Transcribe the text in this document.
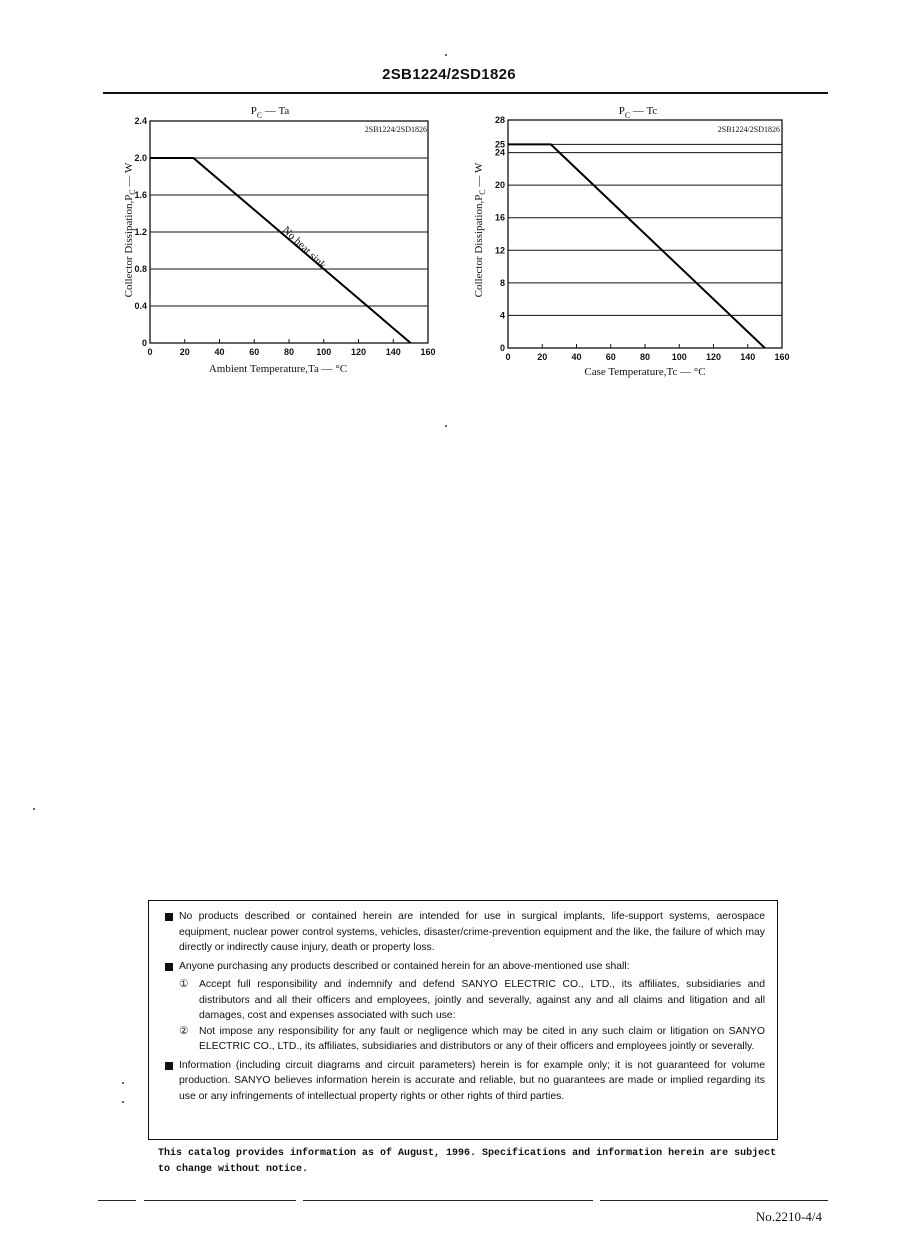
2SB1224/2SD1826
$P_C$ — Ta
2SB1224/2SD1826
Collector $Dissipation,P_C$ — W
Ambient Temperature,Ta — °C
No heat sink
0
0.4
0.8
1.2
1.6
2.0
2.4
0	20	40	60	80 100 120 140 160
$P_C$ — Tc
2SB1224/2SD1826
Collector $Dissipation,P_C$ — W
Case Temperature,Tc — °C
0
4
8
12
16
20
24
25
28
0	20	40	60	80 100 120 140 160
No products described or contained herein are intended for use in surgical implants, life-support systems, aerospace equipment, nuclear power control systems, vehicles, disaster/crime-prevention equipment and the like, the failure of which may directly or indirectly cause injury, death or property loss.
Anyone purchasing any products described or contained herein for an above-mentioned use shall:
① Accept full responsibility and indemnify and defend SANYO ELECTRIC CO., LTD., its affiliates, subsidiaries and distributors and all their officers and employees, jointly and severally, against any and all claims and litigation and all damages, cost and expenses associated with such use:
② Not impose any responsibility for any fault or negligence which may be cited in any such claim or litigation on SANYO ELECTRIC CO., LTD., its affiliates, subsidiaries and distributors or any of their officers and employees jointly or severally.
Information (including circuit diagrams and circuit parameters) herein is for example only; it is not guaranteed for volume production. SANYO believes information herein is accurate and reliable, but no guarantees are made or implied regarding its use or any infringements of intellectual property rights or other rights of third parties.
This catalog provides information as of August, 1996. Specifications and information herein are subject to change without notice.
No.2210-4/4
